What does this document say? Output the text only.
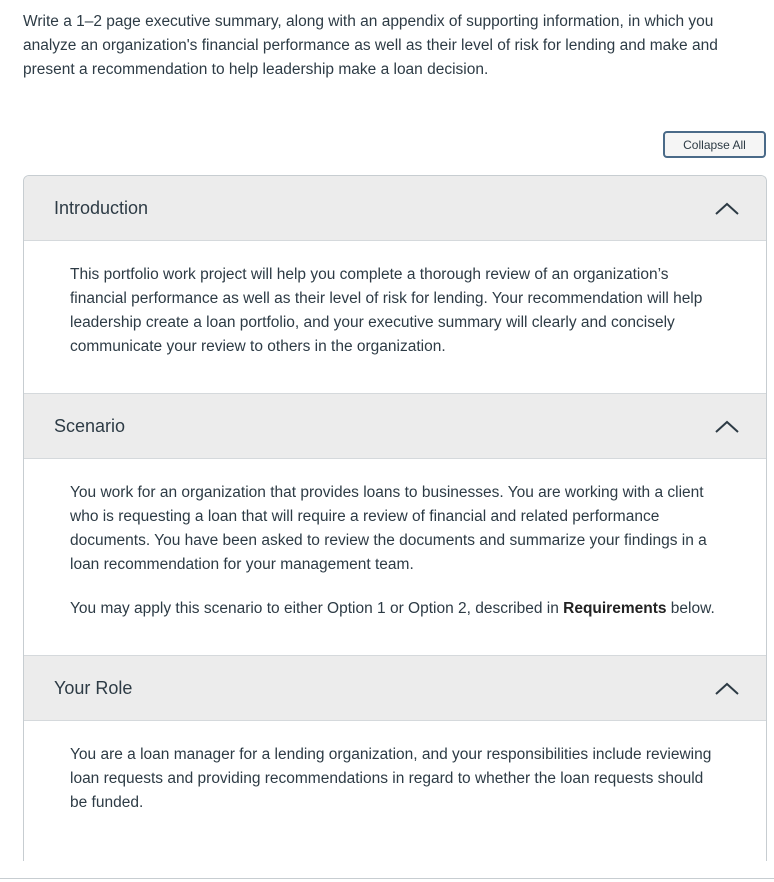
Write a 1–2 page executive summary, along with an appendix of supporting information, in which you analyze an organization's financial performance as well as their level of risk for lending and make and present a recommendation to help leadership make a loan decision.

Collapse All
Introduction

This portfolio work project will help you complete a thorough review of an organization’s financial performance as well as their level of risk for lending. Your recommendation will help leadership create a loan portfolio, and your executive summary will clearly and concisely communicate your review to others in the organization.

Scenario

You work for an organization that provides loans to businesses. You are working with a client who is requesting a loan that will require a review of financial and related performance documents. You have been asked to review the documents and summarize your findings in a loan recommendation for your management team.

You may apply this scenario to either Option 1 or Option 2, described in Requirements below.

Your Role

You are a loan manager for a lending organization, and your responsibilities include reviewing loan requests and providing recommendations in regard to whether the loan requests should be funded.
